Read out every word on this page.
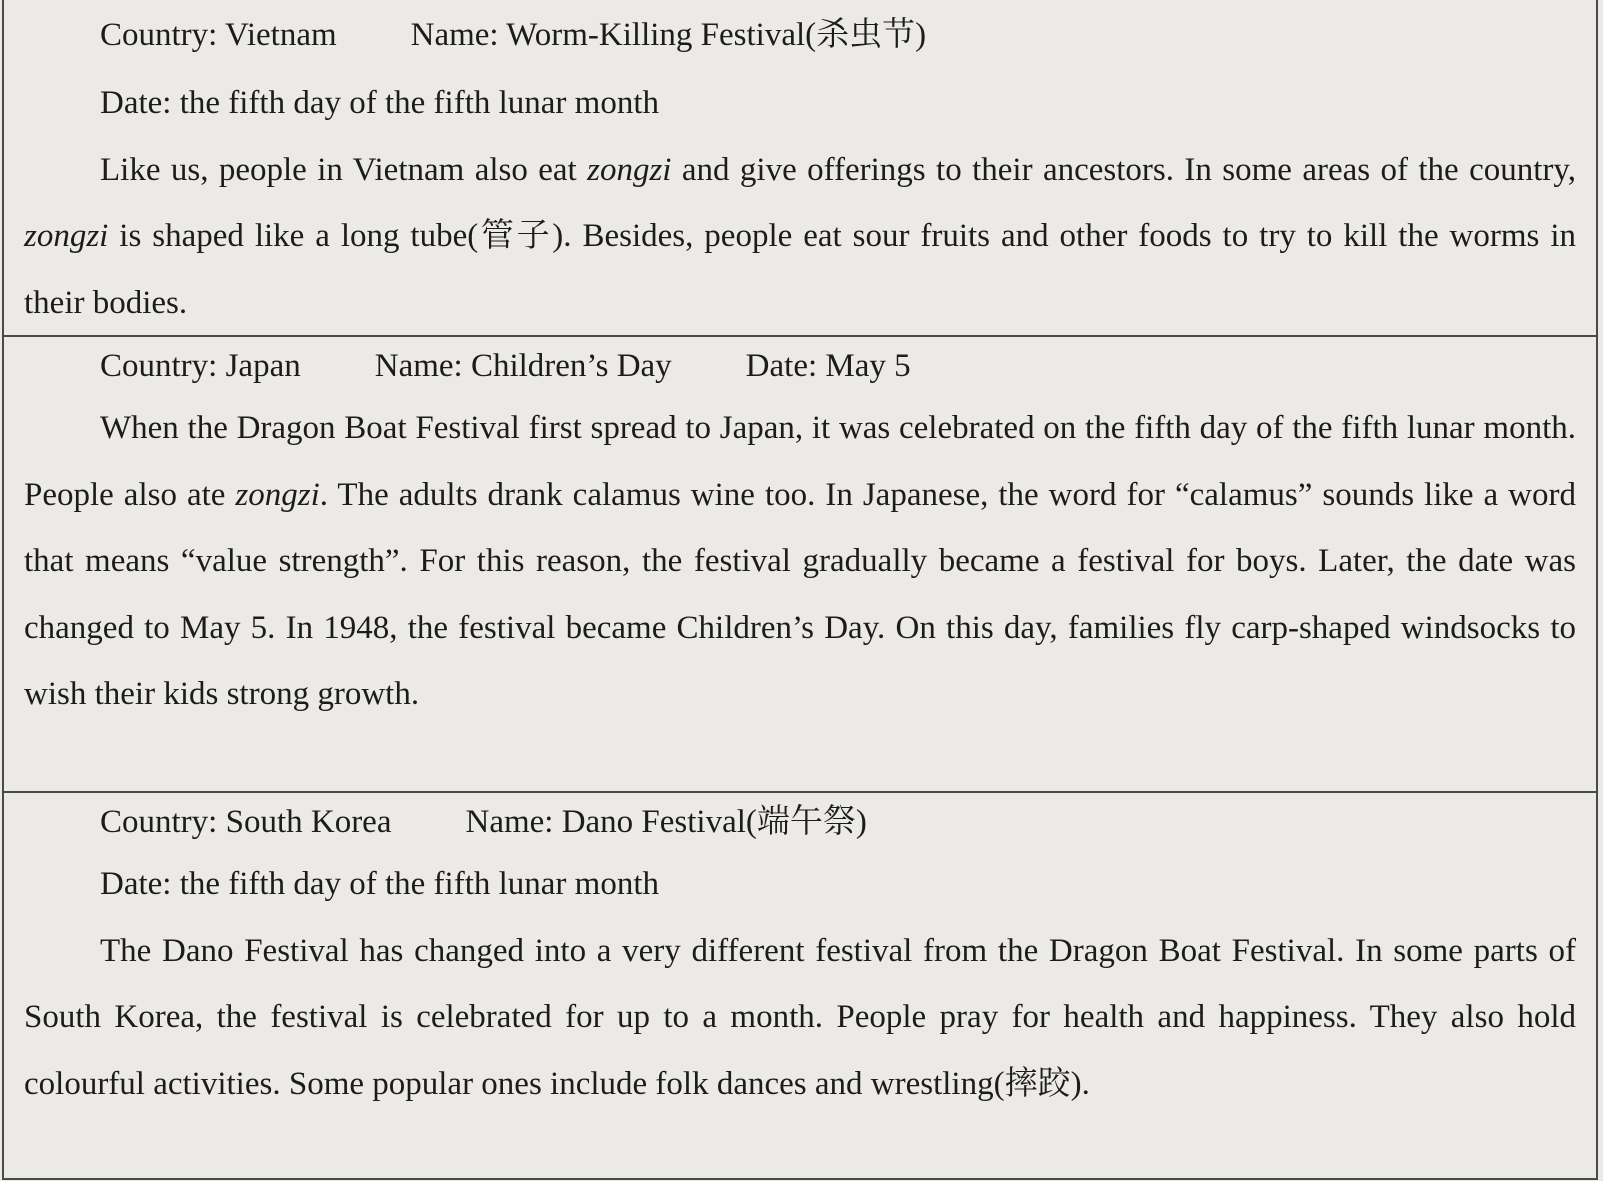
Country: Vietnam Name: Worm-Killing Festival(杀虫节)
Date: the fifth day of the fifth lunar month

Like us, people in Vietnam also eat zongzi and give offerings to their ancestors. In some areas of the country, zongzi is shaped like a long tube(管子). Besides, people eat sour fruits and other foods to try to kill the worms in their bodies.

Country: Japan Name: Children’s Day Date: May 5

When the Dragon Boat Festival first spread to Japan, it was celebrated on the fifth day of the fifth lunar month. People also ate zongzi. The adults drank calamus wine too. In Japanese, the word for “calamus” sounds like a word that means “value strength”. For this reason, the festival gradually became a festival for boys. Later, the date was changed to May 5. In 1948, the festival became Children’s Day. On this day, families fly carp-shaped windsocks to wish their kids strong growth.

Country: South Korea Name: Dano Festival(端午祭)
Date: the fifth day of the fifth lunar month

The Dano Festival has changed into a very different festival from the Dragon Boat Festival. In some parts of South Korea, the festival is celebrated for up to a month. People pray for health and happiness. They also hold colourful activities. Some popular ones include folk dances and wrestling(摔跤).
